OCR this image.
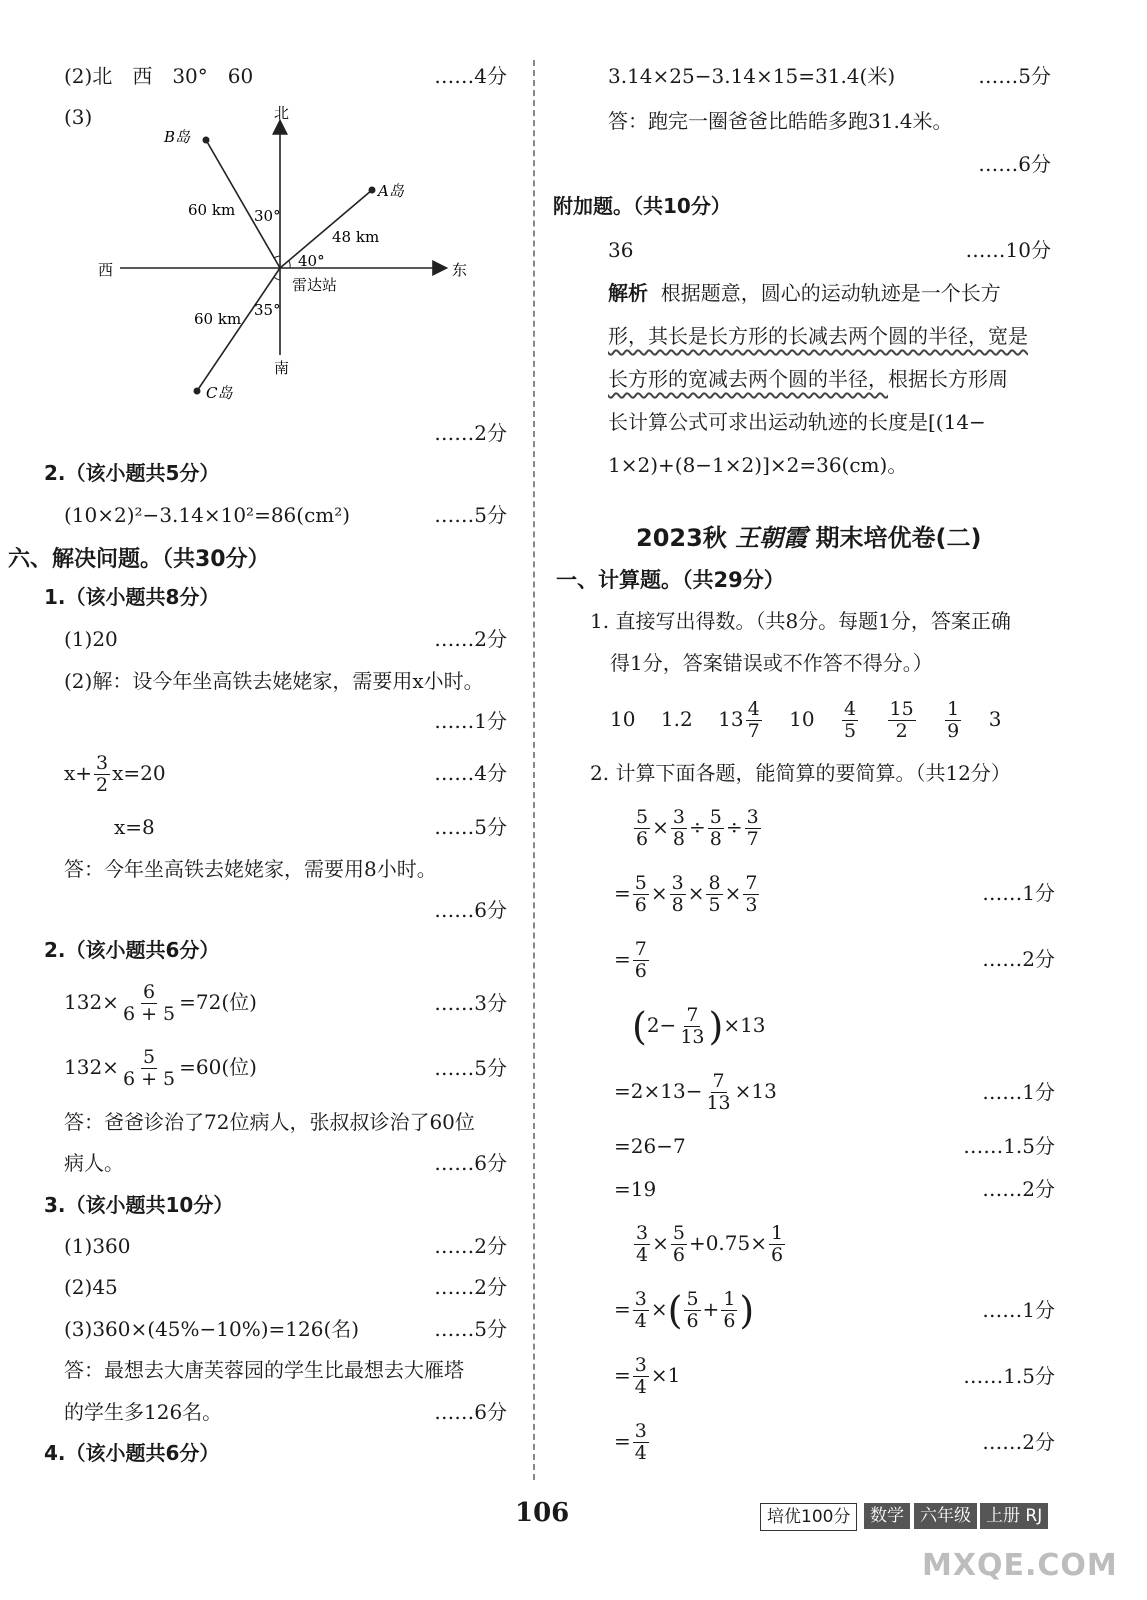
(2)北　西　30°　60	……4分
(3)	北
南
东
西
雷达站
B岛
A岛
C岛
60 km
48 km
60 km
30°
40°
35°
……2分
2.（该小题共5分）
(10×2)²−3.14×10²=86(cm²)	……5分
六、解决问题。（共30分）
1.（该小题共8分）
(1)20	……2分
(2)解：设今年坐高铁去姥姥家，需要用x小时。
……1分
$x+ \frac{3}{2} x=20$	……4分
x=8	……5分
答：今年坐高铁去姥姥家，需要用8小时。
……6分
2.（该小题共6分）
$132\times \frac{6}{6 + 5} =72$(位)	……3分
$132\times \frac{5}{6 + 5} =60$(位)	……5分
答：爸爸诊治了72位病人，张叔叔诊治了60位
病人。	……6分
3.（该小题共10分）
(1)360	……2分
(2)45	……2分
(3)360×(45%−10%)=126(名)	……5分
答：最想去大唐芙蓉园的学生比最想去大雁塔
的学生多126名。	……6分
4.（该小题共6分）
3.14×25−3.14×15=31.4(米)	……5分
答：跑完一圈爸爸比皓皓多跑31.4米。
……6分
附加题。（共10分）
36	……10分
解析 根据题意，圆心的运动轨迹是一个长方
形，其长是长方形的长减去两个圆的半径，宽是
长方形的宽减去两个圆的半径，根据长方形周
长计算公式可求出运动轨迹的长度是[(14−
1×2)+(8−1×2)]×2=36(cm)。
2023秋 王朝霞 期末培优卷(二)
一、计算题。（共29分）
1. 直接写出得数。（共8分。每题1分，答案正确
得1分，答案错误或不作答不得分。）
10 1.2 $13 \frac{4}{7} 10 \frac{4}{5}$
$\frac{15}{2}$
$\frac{1}{9} 3$
2. 计算下面各题，能简算的要简算。（共12分）
$\frac{5}{6} \times \frac{3}{8} \div \frac{5}{8} \div \frac{3}{7}$
= $\frac{5}{6} \times \frac{3}{8} \times \frac{8}{5} \times \frac{7}{3}$	……1分
= $\frac{7}{6}$	……2分
$(2- \frac{7}{13} )\times 13$
$=2\times 13- \frac{7}{13} \times 13$	……1分
=26−7	……1.5分
=19	……2分
$\frac{3}{4} \times \frac{5}{6} +0.75\times \frac{1}{6}$
= $\frac{3}{4}$ ×( $\frac{5}{6} + \frac{1}{6}$ )	……1分
= $\frac{3}{4} \times 1$	……1.5分
= $\frac{3}{4}$	……2分
106	培优100分	数学 六年级 上册 RJ
MXQE.COM
